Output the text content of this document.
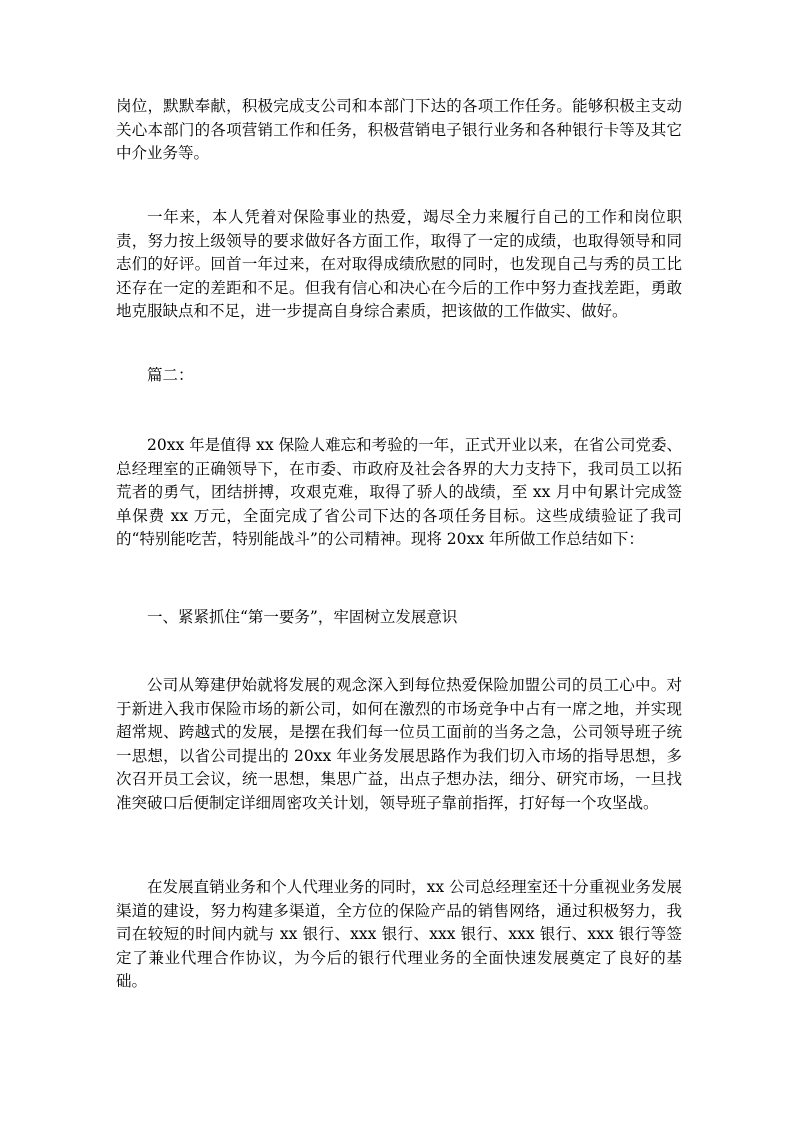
岗位，默默奉献，积极完成支公司和本部门下达的各项工作任务。能够积极主支动关心本部门的各项营销工作和任务，积极营销电子银行业务和各种银行卡等及其它中介业务等。

一年来，本人凭着对保险事业的热爱，竭尽全力来履行自己的工作和岗位职责，努力按上级领导的要求做好各方面工作，取得了一定的成绩，也取得领导和同志们的好评。回首一年过来，在对取得成绩欣慰的同时，也发现自己与秀的员工比还存在一定的差距和不足。但我有信心和决心在今后的工作中努力查找差距，勇敢地克服缺点和不足，进一步提高自身综合素质，把该做的工作做实、做好。

篇二：

20xx 年是值得 xx 保险人难忘和考验的一年，正式开业以来，在省公司党委、总经理室的正确领导下，在市委、市政府及社会各界的大力支持下，我司员工以拓荒者的勇气，团结拼搏，攻艰克难，取得了骄人的战绩，至 xx 月中旬累计完成签单保费 xx 万元，全面完成了省公司下达的各项任务目标。这些成绩验证了我司的“特别能吃苦，特别能战斗”的公司精神。现将 20xx 年所做工作总结如下：

一、紧紧抓住“第一要务”，牢固树立发展意识

公司从筹建伊始就将发展的观念深入到每位热爱保险加盟公司的员工心中。对于新进入我市保险市场的新公司，如何在激烈的市场竞争中占有一席之地，并实现超常规、跨越式的发展，是摆在我们每一位员工面前的当务之急，公司领导班子统一思想，以省公司提出的 20xx 年业务发展思路作为我们切入市场的指导思想，多次召开员工会议，统一思想，集思广益，出点子想办法，细分、研究市场，一旦找准突破口后便制定详细周密攻关计划，领导班子靠前指挥，打好每一个攻坚战。

在发展直销业务和个人代理业务的同时，xx 公司总经理室还十分重视业务发展渠道的建设，努力构建多渠道，全方位的保险产品的销售网络，通过积极努力，我司在较短的时间内就与 xx 银行、xxx 银行、xxx 银行、xxx 银行、xxx 银行等签定了兼业代理合作协议，为今后的银行代理业务的全面快速发展奠定了良好的基础。
